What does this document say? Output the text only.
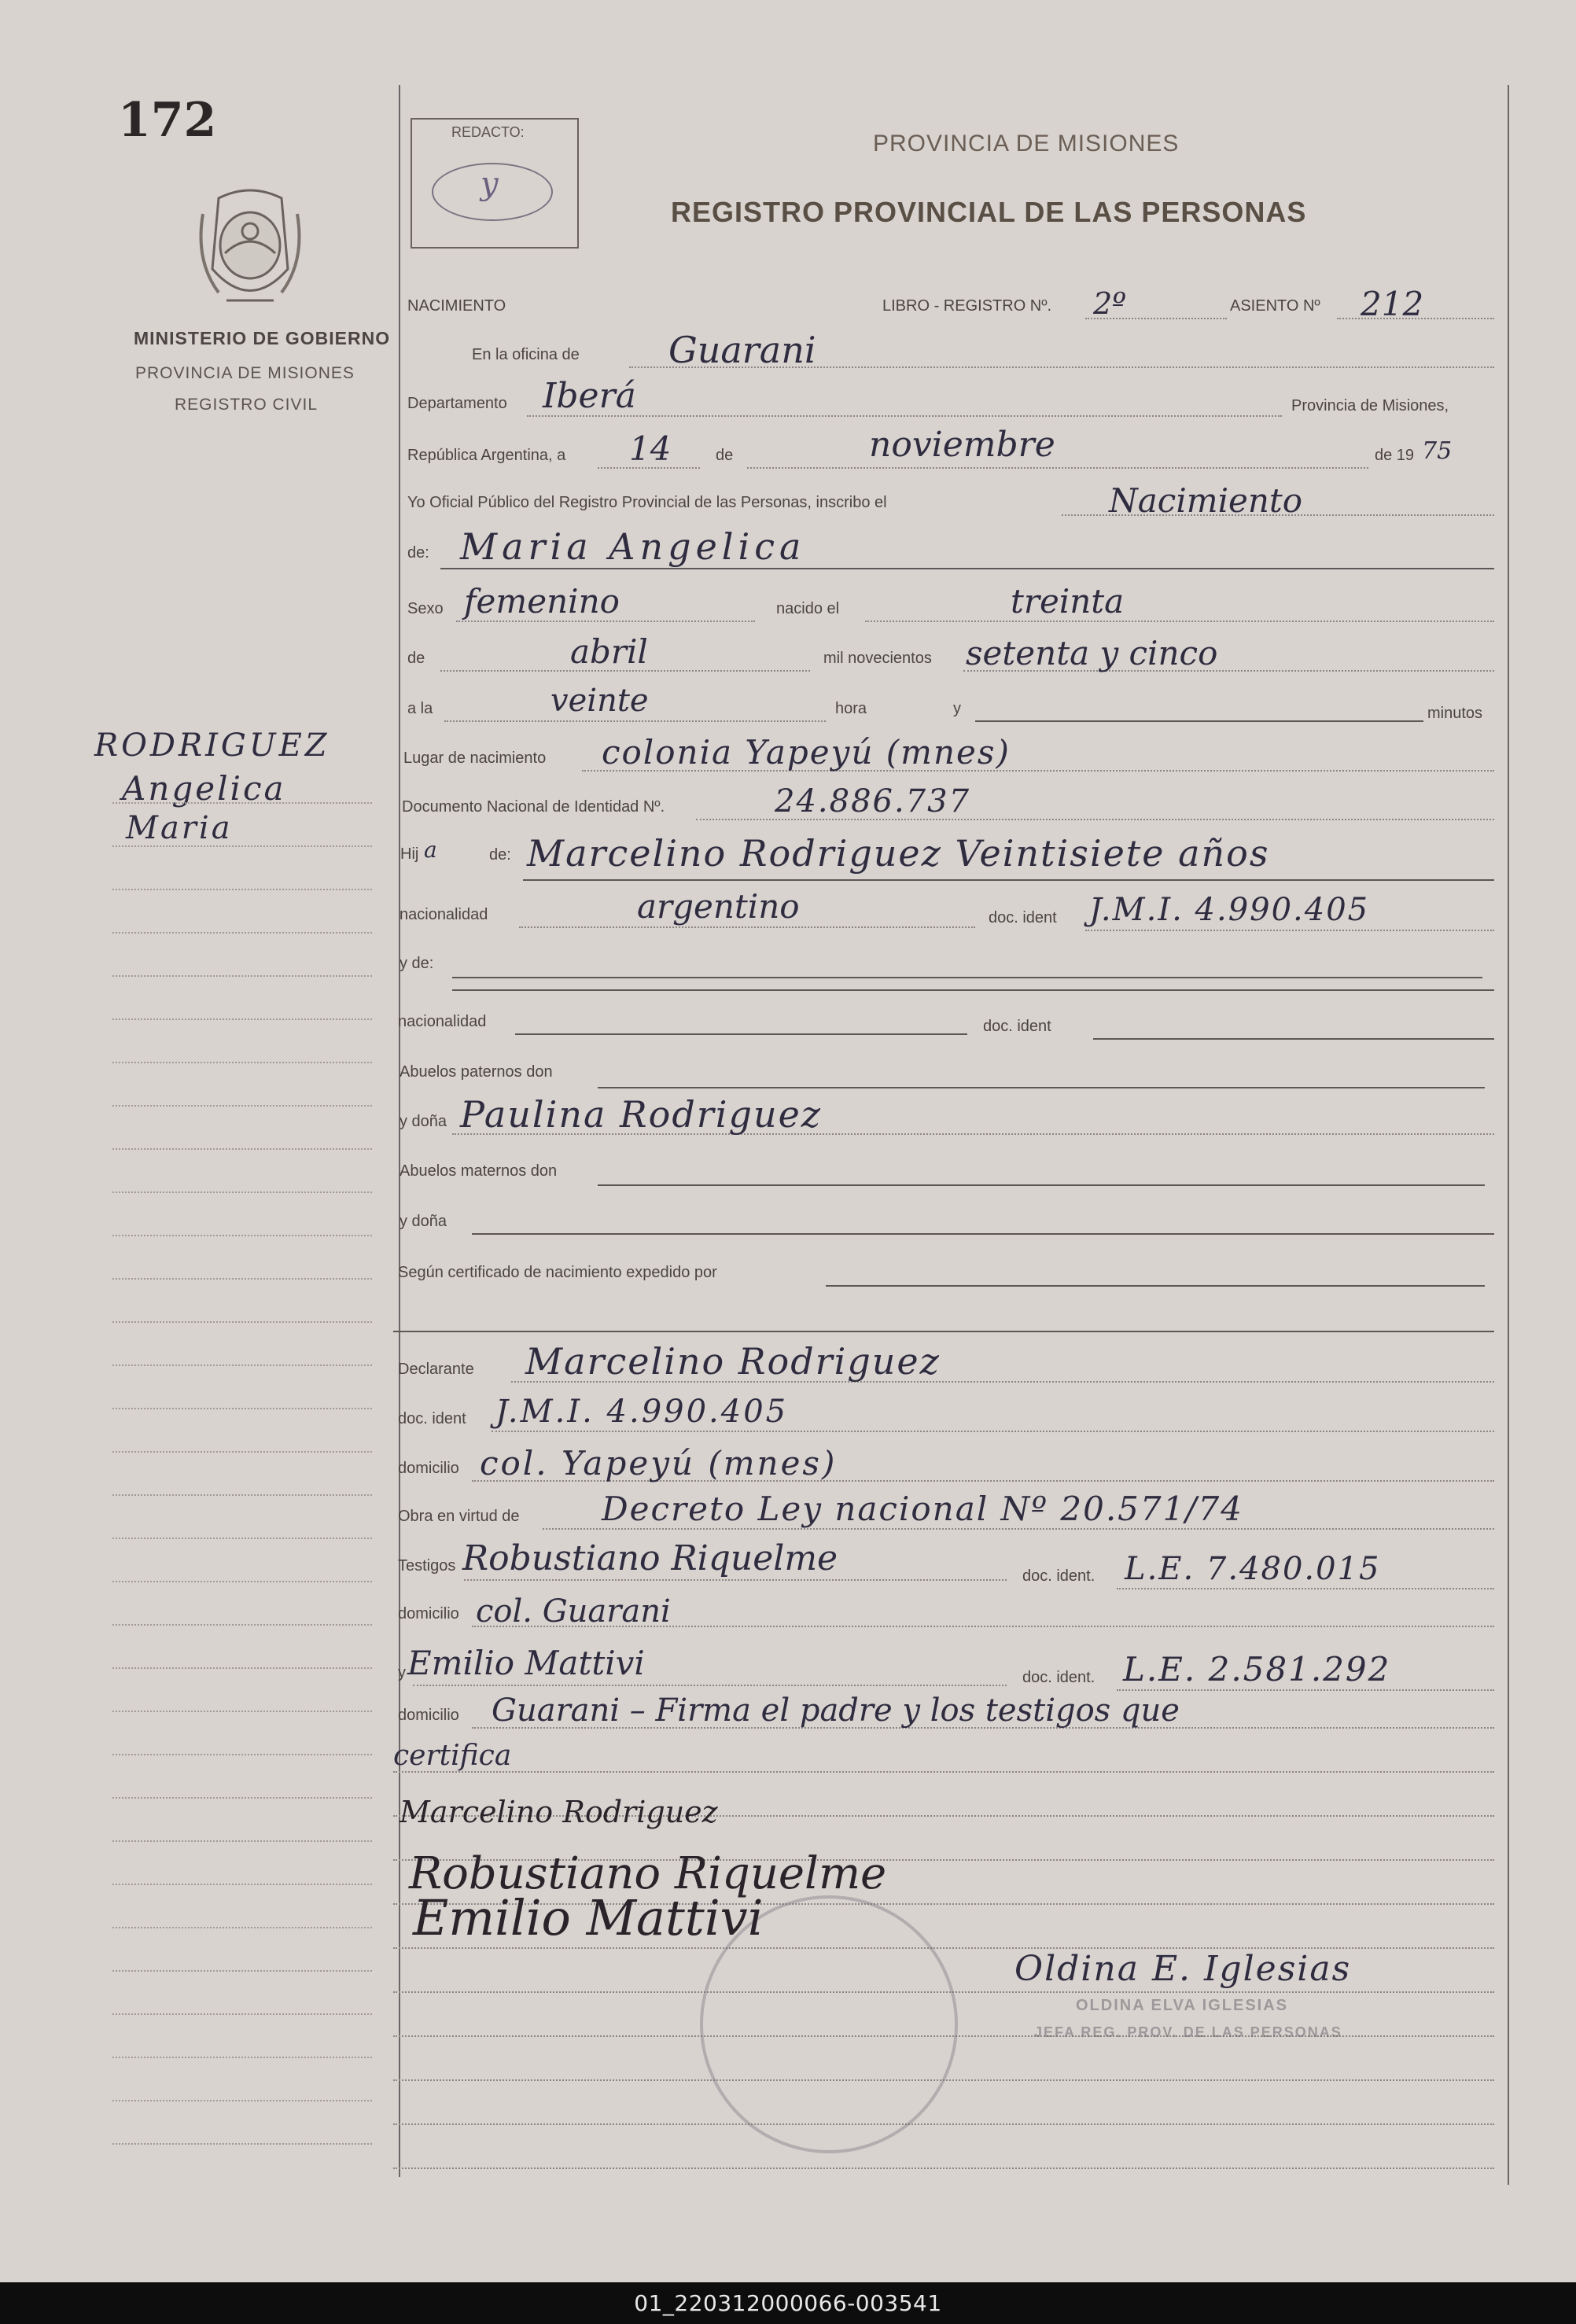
172
MINISTERIO DE GOBIERNO
PROVINCIA DE MISIONES
REGISTRO CIVIL
RODRIGUEZ
Angelica
Maria
REDACTO:
y
PROVINCIA DE MISIONES
REGISTRO PROVINCIAL DE LAS PERSONAS
NACIMIENTO	LIBRO - REGISTRO Nº. 2º	ASIENTO Nº 212
En la oficina de Guarani
Departamento Iberá	Provincia de Misiones,
República Argentina, a 14	de	noviembre	de 19 75
Yo Oficial Público del Registro Provincial de las Personas, inscribo el	Nacimiento
de: Maria Angelica
Sexo femenino	nacido el	treinta
de	abril	mil novecientos setenta y cinco
a la	veinte	hora	y	minutos
Lugar de nacimiento colonia Yapeyú (mnes)
Documento Nacional de Identidad Nº.	24.886.737
Hij a	de: Marcelino Rodriguez Veintisiete años
nacionalidad	argentino	doc. ident J.M.I. 4.990.405
y de:
nacionalidad	doc. ident
Abuelos paternos don
y doña Paulina Rodriguez
Abuelos maternos don
y doña
Según certificado de nacimiento expedido por
Declarante Marcelino Rodriguez
doc. ident J.M.I. 4.990.405
domicilio col. Yapeyú (mnes)
Obra en virtud de Decreto Ley nacional Nº 20.571/74
Testigos Robustiano Riquelme	doc. ident. L.E. 7.480.015
domicilio col. Guarani
y Emilio Mattivi	doc. ident. L.E. 2.581.292
domicilio Guarani – Firma el padre y los testigos que
certifica
Marcelino Rodriguez
Robustiano Riquelme
Emilio Mattivi
Oldina E. Iglesias
OLDINA ELVA IGLESIAS
JEFA REG. PROV. DE LAS PERSONAS
01_220312000066-003541
